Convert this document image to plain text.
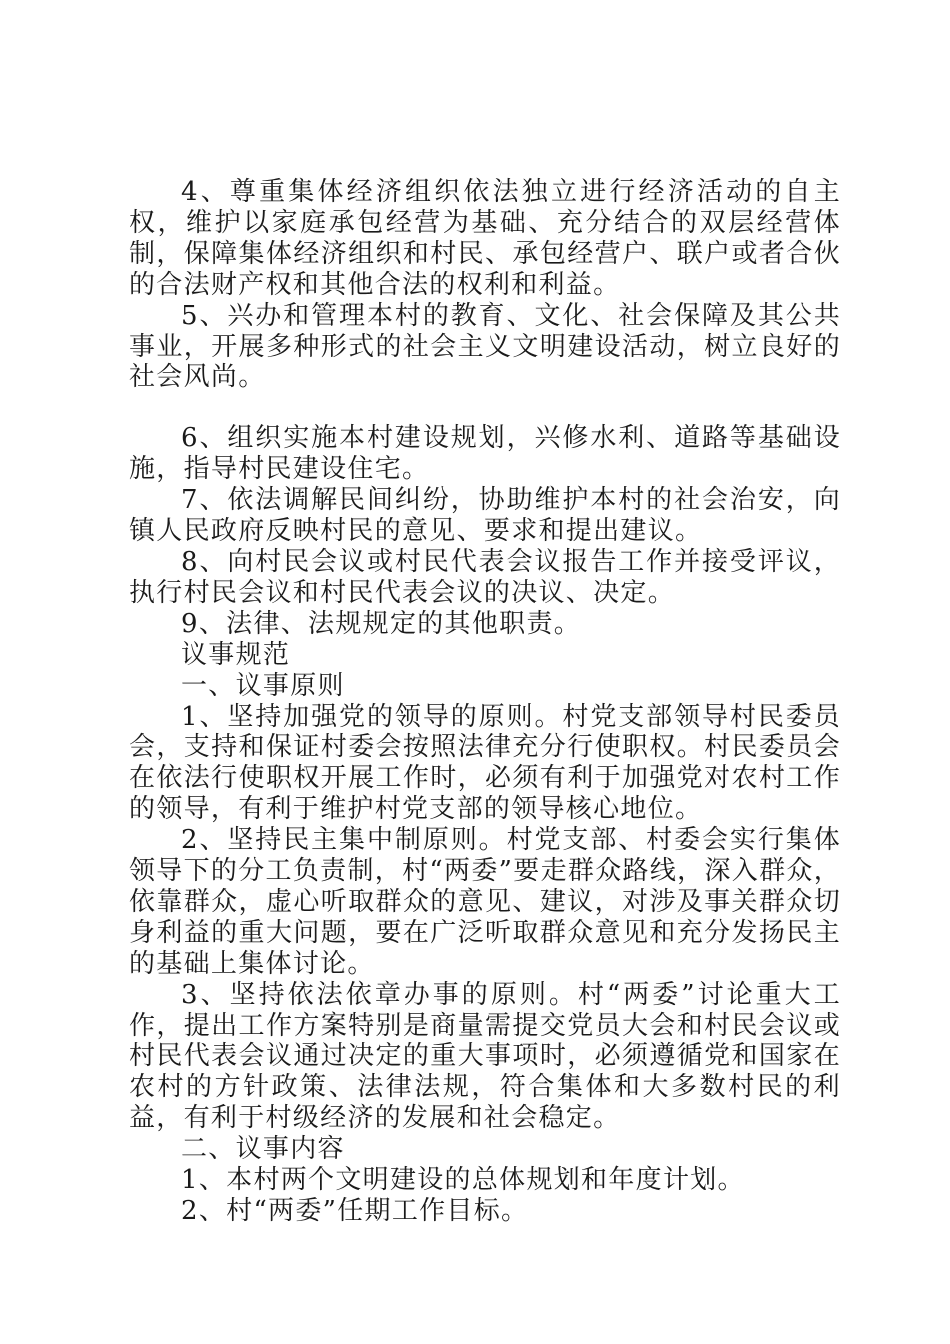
4、尊重集体经济组织依法独立进行经济活动的自主权，维护以家庭承包经营为基础、充分结合的双层经营体制，保障集体经济组织和村民、承包经营户、联户或者合伙的合法财产权和其他合法的权利和利益。

5、兴办和管理本村的教育、文化、社会保障及其公共事业，开展多种形式的社会主义文明建设活动，树立良好的社会风尚。

6、组织实施本村建设规划，兴修水利、道路等基础设施，指导村民建设住宅。

7、依法调解民间纠纷，协助维护本村的社会治安，向镇人民政府反映村民的意见、要求和提出建议。

8、向村民会议或村民代表会议报告工作并接受评议，执行村民会议和村民代表会议的决议、决定。

9、法律、法规规定的其他职责。

议事规范

一、议事原则

1、坚持加强党的领导的原则。村党支部领导村民委员会，支持和保证村委会按照法律充分行使职权。村民委员会在依法行使职权开展工作时，必须有利于加强党对农村工作的领导，有利于维护村党支部的领导核心地位。

2、坚持民主集中制原则。村党支部、村委会实行集体领导下的分工负责制，村“两委”要走群众路线，深入群众，依靠群众，虚心听取群众的意见、建议，对涉及事关群众切身利益的重大问题，要在广泛听取群众意见和充分发扬民主的基础上集体讨论。

3、坚持依法依章办事的原则。村“两委”讨论重大工作，提出工作方案特别是商量需提交党员大会和村民会议或村民代表会议通过决定的重大事项时，必须遵循党和国家在农村的方针政策、法律法规，符合集体和大多数村民的利益，有利于村级经济的发展和社会稳定。

二、议事内容

1、本村两个文明建设的总体规划和年度计划。

2、村“两委”任期工作目标。
